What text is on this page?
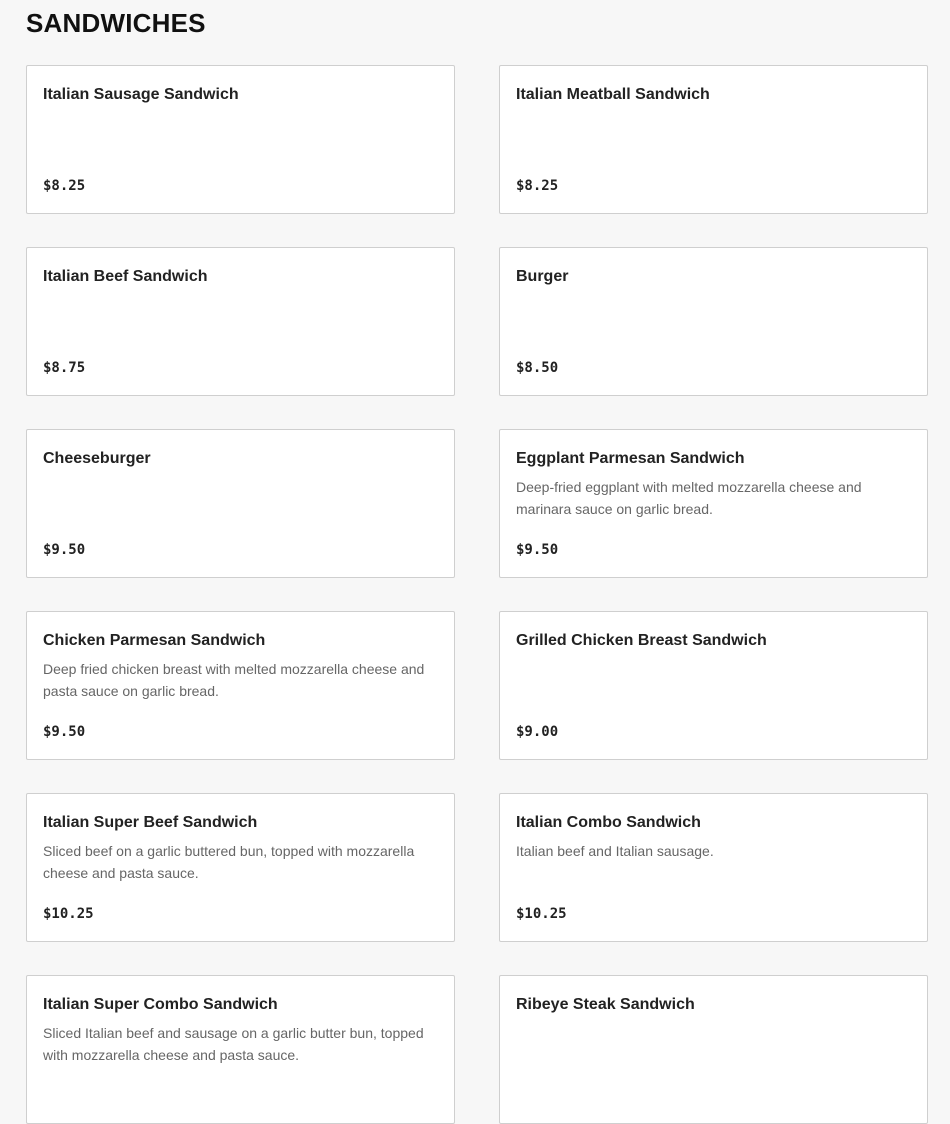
SANDWICHES
Italian Sausage Sandwich

$8.25
Italian Meatball Sandwich

$8.25
Italian Beef Sandwich

$8.75
Burger

$8.50
Cheeseburger

$9.50
Eggplant Parmesan Sandwich

Deep-fried eggplant with melted mozzarella cheese and marinara sauce on garlic bread.

$9.50
Chicken Parmesan Sandwich

Deep fried chicken breast with melted mozzarella cheese and pasta sauce on garlic bread.

$9.50
Grilled Chicken Breast Sandwich

$9.00
Italian Super Beef Sandwich

Sliced beef on a garlic buttered bun, topped with mozzarella cheese and pasta sauce.

$10.25
Italian Combo Sandwich

Italian beef and Italian sausage.

$10.25
Italian Super Combo Sandwich

Sliced Italian beef and sausage on a garlic butter bun, topped with mozzarella cheese and pasta sauce.

Ribeye Steak Sandwich
